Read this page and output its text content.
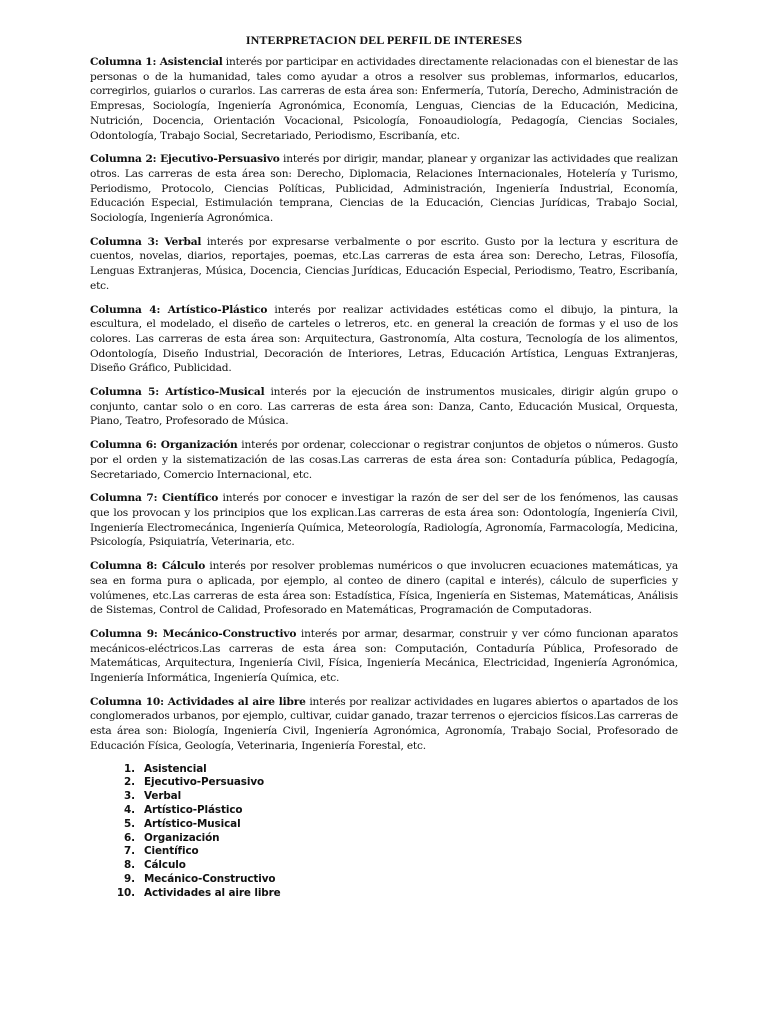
INTERPRETACION DEL PERFIL DE INTERESES

Columna 1: Asistencial interés por participar en actividades directamente relacionadas con el bienestar de las personas o de la humanidad, tales como ayudar a otros a resolver sus problemas, informarlos, educarlos, corregirlos, guiarlos o curarlos. Las carreras de esta área son: Enfermería, Tutoría, Derecho, Administración de Empresas, Sociología, Ingeniería Agronómica, Economía, Lenguas, Ciencias de la Educación, Medicina, Nutrición, Docencia, Orientación Vocacional, Psicología, Fonoaudiología, Pedagogía, Ciencias Sociales, Odontología, Trabajo Social, Secretariado, Periodismo, Escribanía, etc.

Columna 2: Ejecutivo-Persuasivo interés por dirigir, mandar, planear y organizar las actividades que realizan otros. Las carreras de esta área son: Derecho, Diplomacia, Relaciones Internacionales, Hotelería y Turismo, Periodismo, Protocolo, Ciencias Políticas, Publicidad, Administración, Ingeniería Industrial, Economía, Educación Especial, Estimulación temprana, Ciencias de la Educación, Ciencias Jurídicas, Trabajo Social, Sociología, Ingeniería Agronómica.

Columna 3: Verbal interés por expresarse verbalmente o por escrito. Gusto por la lectura y escritura de cuentos, novelas, diarios, reportajes, poemas, etc.Las carreras de esta área son: Derecho, Letras, Filosofía, Lenguas Extranjeras, Música, Docencia, Ciencias Jurídicas, Educación Especial, Periodismo, Teatro, Escribanía, etc.

Columna 4: Artístico-Plástico interés por realizar actividades estéticas como el dibujo, la pintura, la escultura, el modelado, el diseño de carteles o letreros, etc. en general la creación de formas y el uso de los colores. Las carreras de esta área son: Arquitectura, Gastronomía, Alta costura, Tecnología de los alimentos, Odontología, Diseño Industrial, Decoración de Interiores, Letras, Educación Artística, Lenguas Extranjeras, Diseño Gráfico, Publicidad.

Columna 5: Artístico-Musical interés por la ejecución de instrumentos musicales, dirigir algún grupo o conjunto, cantar solo o en coro. Las carreras de esta área son: Danza, Canto, Educación Musical, Orquesta, Piano, Teatro, Profesorado de Música.

Columna 6: Organización interés por ordenar, coleccionar o registrar conjuntos de objetos o números. Gusto por el orden y la sistematización de las cosas.Las carreras de esta área son: Contaduría pública, Pedagogía, Secretariado, Comercio Internacional, etc.

Columna 7: Científico interés por conocer e investigar la razón de ser del ser de los fenómenos, las causas que los provocan y los principios que los explican.Las carreras de esta área son: Odontología, Ingeniería Civil, Ingeniería Electromecánica, Ingeniería Química, Meteorología, Radiología, Agronomía, Farmacología, Medicina, Psicología, Psiquiatría, Veterinaria, etc.

Columna 8: Cálculo interés por resolver problemas numéricos o que involucren ecuaciones matemáticas, ya sea en forma pura o aplicada, por ejemplo, al conteo de dinero (capital e interés), cálculo de superficies y volúmenes, etc.Las carreras de esta área son: Estadística, Física, Ingeniería en Sistemas, Matemáticas, Análisis de Sistemas, Control de Calidad, Profesorado en Matemáticas, Programación de Computadoras.

Columna 9: Mecánico-Constructivo interés por armar, desarmar, construir y ver cómo funcionan aparatos mecánicos-eléctricos.Las carreras de esta área son: Computación, Contaduría Pública, Profesorado de Matemáticas, Arquitectura, Ingeniería Civil, Física, Ingeniería Mecánica, Electricidad, Ingeniería Agronómica, Ingeniería Informática, Ingeniería Química, etc.

Columna 10: Actividades al aire libre interés por realizar actividades en lugares abiertos o apartados de los conglomerados urbanos, por ejemplo, cultivar, cuidar ganado, trazar terrenos o ejercicios físicos.Las carreras de esta área son: Biología, Ingeniería Civil, Ingeniería Agronómica, Agronomía, Trabajo Social, Profesorado de Educación Física, Geología, Veterinaria, Ingeniería Forestal, etc.

1. Asistencial
2. Ejecutivo-Persuasivo
3. Verbal
4. Artístico-Plástico
5. Artístico-Musical
6. Organización
7. Científico
8. Cálculo
9. Mecánico-Constructivo
10. Actividades al aire libre
